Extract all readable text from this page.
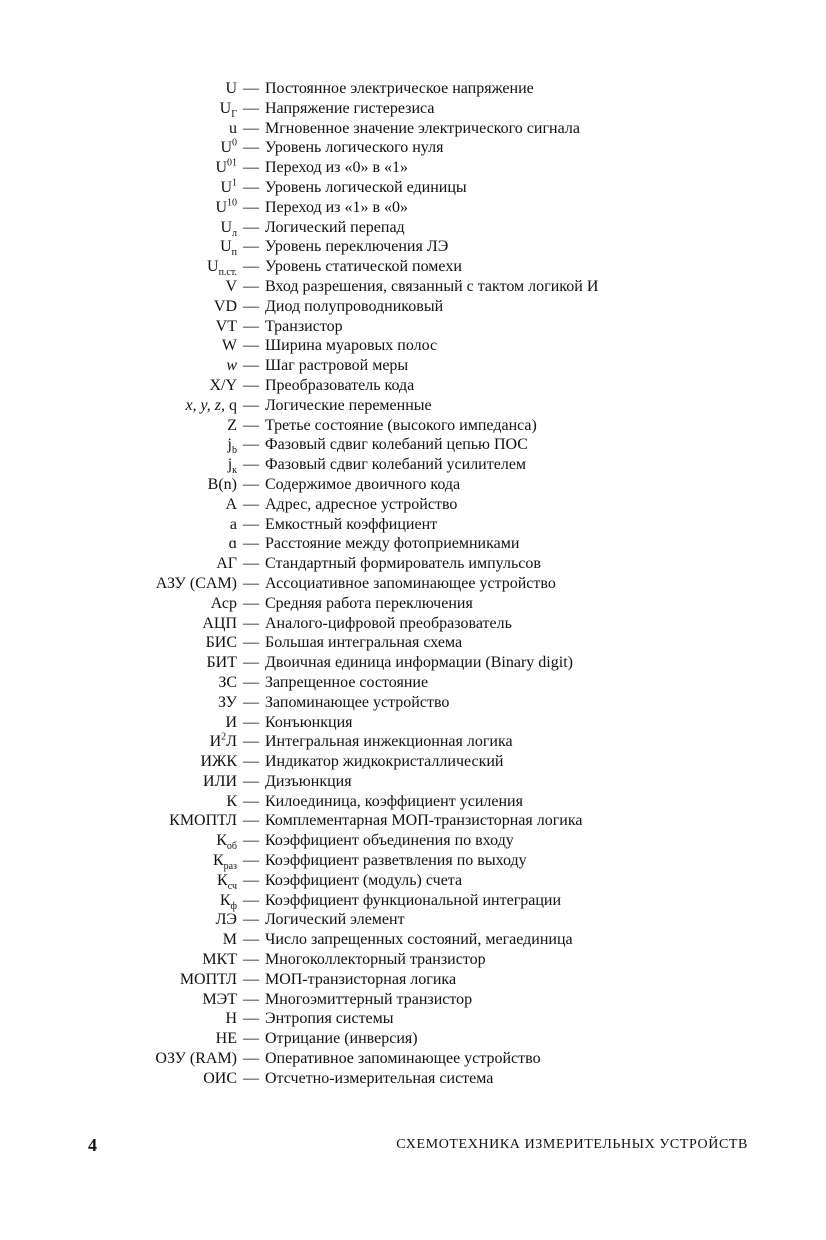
U — Постоянное электрическое напряжение
$U_Г$ — Напряжение гистерезиса
u — Мгновенное значение электрического сигнала
$U^0$ — Уровень логического нуля
$U^{01}$ — Переход из «0» в «1»
$U^1$ — Уровень логической единицы
$U^{10}$ — Переход из «1» в «0»
$U_л$ — Логический перепад
$U_п$ — Уровень переключения ЛЭ
$U_{п.ст.}$ — Уровень статической помехи
V — Вход разрешения, связанный с тактом логикой И
VD — Диод полупроводниковый
VT — Транзистор
W — Ширина муаровых полос
w — Шаг растровой меры
X/Y — Преобразователь кода
x, y, z, q — Логические переменные
Z — Третье состояние (высокого импеданса)
$j_b$ — Фазовый сдвиг колебаний цепью ПОС
$j_к$ — Фазовый сдвиг колебаний усилителем
B(n) — Содержимое двоичного кода
A — Адрес, адресное устройство
a — Емкостный коэффициент
ɑ — Расстояние между фотоприемниками
АГ — Стандартный формирователь импульсов
АЗУ (CAM) — Ассоциативное запоминающее устройство
Аср — Средняя работа переключения
АЦП — Аналого-цифровой преобразователь
БИС — Большая интегральная схема
БИТ — Двоичная единица информации (Binary digit)
ЗС — Запрещенное состояние
ЗУ — Запоминающее устройство
И — Конъюнкция
$И^2Л$ — Интегральная инжекционная логика
ИЖК — Индикатор жидкокристаллический
ИЛИ — Дизъюнкция
К — Килоединица, коэффициент усиления
КМОПТЛ — Комплементарная МОП-транзисторная логика
$К_{об}$ — Коэффициент объединения по входу
$К_{раз}$ — Коэффициент разветвления по выходу
$К_{сч}$ — Коэффициент (модуль) счета
$К_ф$ — Коэффициент функциональной интеграции
ЛЭ — Логический элемент
М — Число запрещенных состояний, мегаединица
МКТ — Многоколлекторный транзистор
МОПТЛ — МОП-транзисторная логика
МЭТ — Многоэмиттерный транзистор
Н — Энтропия системы
НЕ — Отрицание (инверсия)
ОЗУ (RAM) — Оперативное запоминающее устройство
ОИС — Отсчетно-измерительная система
4	СХЕМОТЕХНИКА ИЗМЕРИТЕЛЬНЫХ УСТРОЙСТВ
